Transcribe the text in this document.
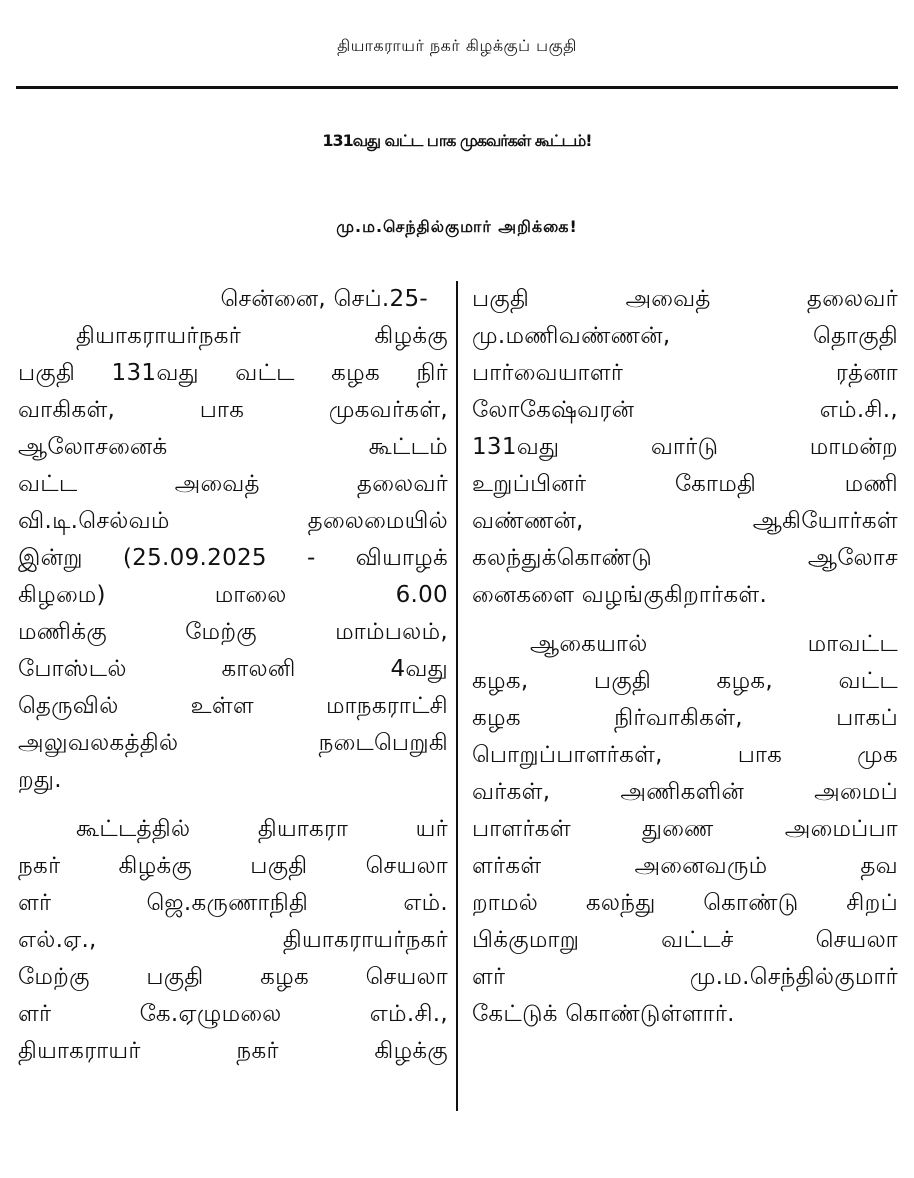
தியாகராயர் நகர் கிழக்குப் பகுதி
131வது வட்ட பாக முகவர்கள் கூட்டம்!
மு.ம.செந்தில்குமார் அறிக்கை!
சென்னை, செப்.25-
தியாகராயர்நகர் கிழக்கு
பகுதி 131வது வட்ட கழக நிர்
வாகிகள், பாக முகவர்கள்,
ஆலோசனைக் கூட்டம்
வட்ட அவைத் தலைவர்
வி.டி.செல்வம் தலைமையில்
இன்று (25.09.2025 - வியாழக்
கிழமை) மாலை 6.00
மணிக்கு மேற்கு மாம்பலம்,
போஸ்டல் காலனி 4வது
தெருவில் உள்ள மாநகராட்சி
அலுவலகத்தில் நடைபெறுகி
றது.
கூட்டத்தில் தியாகரா யர்
நகர் கிழக்கு பகுதி செயலா
ளர் ஜெ.கருணாநிதி எம்.
எல்.ஏ., தியாகராயர்நகர்
மேற்கு பகுதி கழக செயலா
ளர் கே.ஏழுமலை எம்.சி.,
தியாகராயர் நகர் கிழக்கு
பகுதி அவைத் தலைவர்
மு.மணிவண்ணன், தொகுதி
பார்வையாளர் ரத்னா
லோகேஷ்வரன் எம்.சி.,
131வது வார்டு மாமன்ற
உறுப்பினர் கோமதி மணி
வண்ணன், ஆகியோர்கள்
கலந்துக்கொண்டு ஆலோச
னைகளை வழங்குகிறார்கள்.
ஆகையால் மாவட்ட
கழக, பகுதி கழக, வட்ட
கழக நிர்வாகிகள், பாகப்
பொறுப்பாளர்கள், பாக முக
வர்கள், அணிகளின் அமைப்
பாளர்கள் துணை அமைப்பா
ளர்கள் அனைவரும் தவ
றாமல் கலந்து கொண்டு சிறப்
பிக்குமாறு வட்டச் செயலா
ளர் மு.ம.செந்தில்குமார்
கேட்டுக் கொண்டுள்ளார்.
